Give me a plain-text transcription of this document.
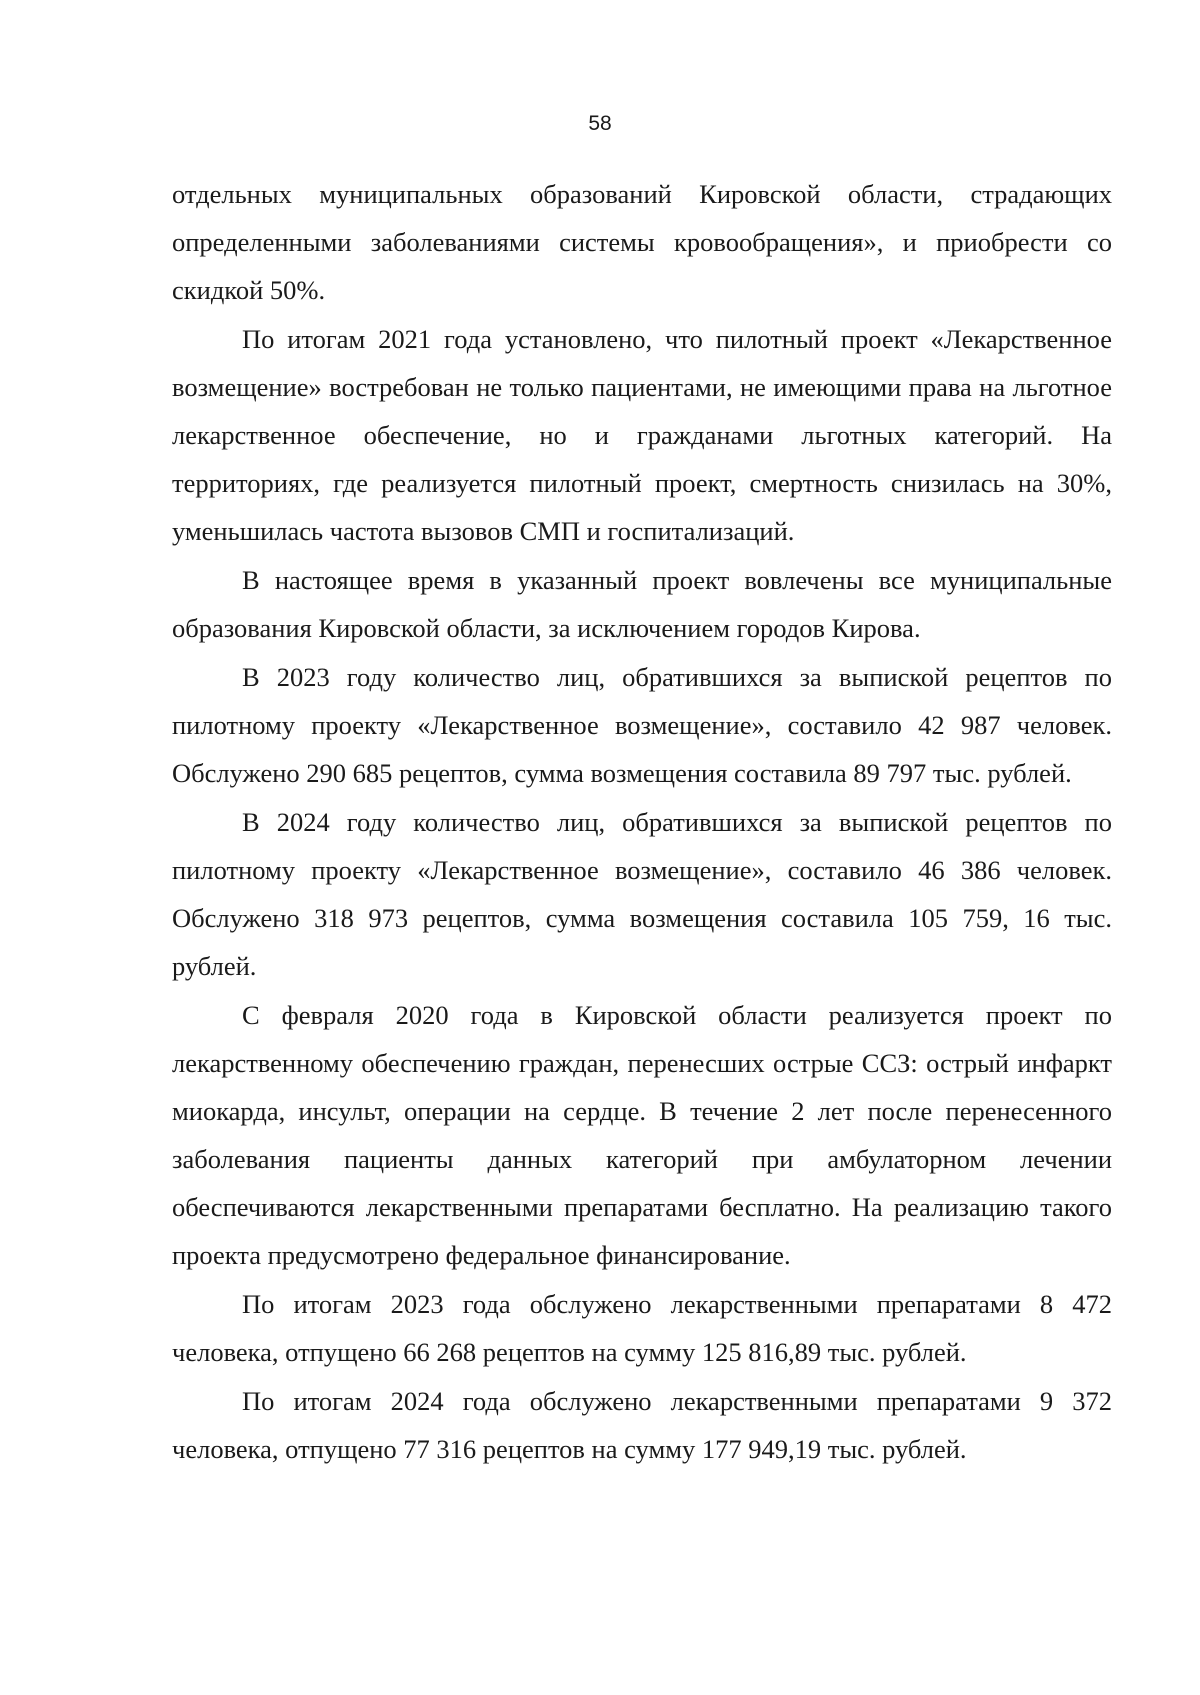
58

отдельных муниципальных образований Кировской области, страдающих определенными заболеваниями системы кровообращения», и приобрести со скидкой 50%.

По итогам 2021 года установлено, что пилотный проект «Лекарственное возмещение» востребован не только пациентами, не имеющими права на льготное лекарственное обеспечение, но и гражданами льготных категорий. На территориях, где реализуется пилотный проект, смертность снизилась на 30%, уменьшилась частота вызовов СМП и госпитализаций.

В настоящее время в указанный проект вовлечены все муниципальные образования Кировской области, за исключением городов Кирова.

В 2023 году количество лиц, обратившихся за выпиской рецептов по пилотному проекту «Лекарственное возмещение», составило 42 987 человек. Обслужено 290 685 рецептов, сумма возмещения составила 89 797 тыс. рублей.

В 2024 году количество лиц, обратившихся за выпиской рецептов по пилотному проекту «Лекарственное возмещение», составило 46 386 человек. Обслужено 318 973 рецептов, сумма возмещения составила 105 759, 16 тыс. рублей.

С февраля 2020 года в Кировской области реализуется проект по лекарственному обеспечению граждан, перенесших острые ССЗ: острый инфаркт миокарда, инсульт, операции на сердце. В течение 2 лет после перенесенного заболевания пациенты данных категорий при амбулаторном лечении обеспечиваются лекарственными препаратами бесплатно. На реализацию такого проекта предусмотрено федеральное финансирование.

По итогам 2023 года обслужено лекарственными препаратами 8 472 человека, отпущено 66 268 рецептов на сумму 125 816,89 тыс. рублей.

По итогам 2024 года обслужено лекарственными препаратами 9 372 человека, отпущено 77 316 рецептов на сумму 177 949,19 тыс. рублей.
